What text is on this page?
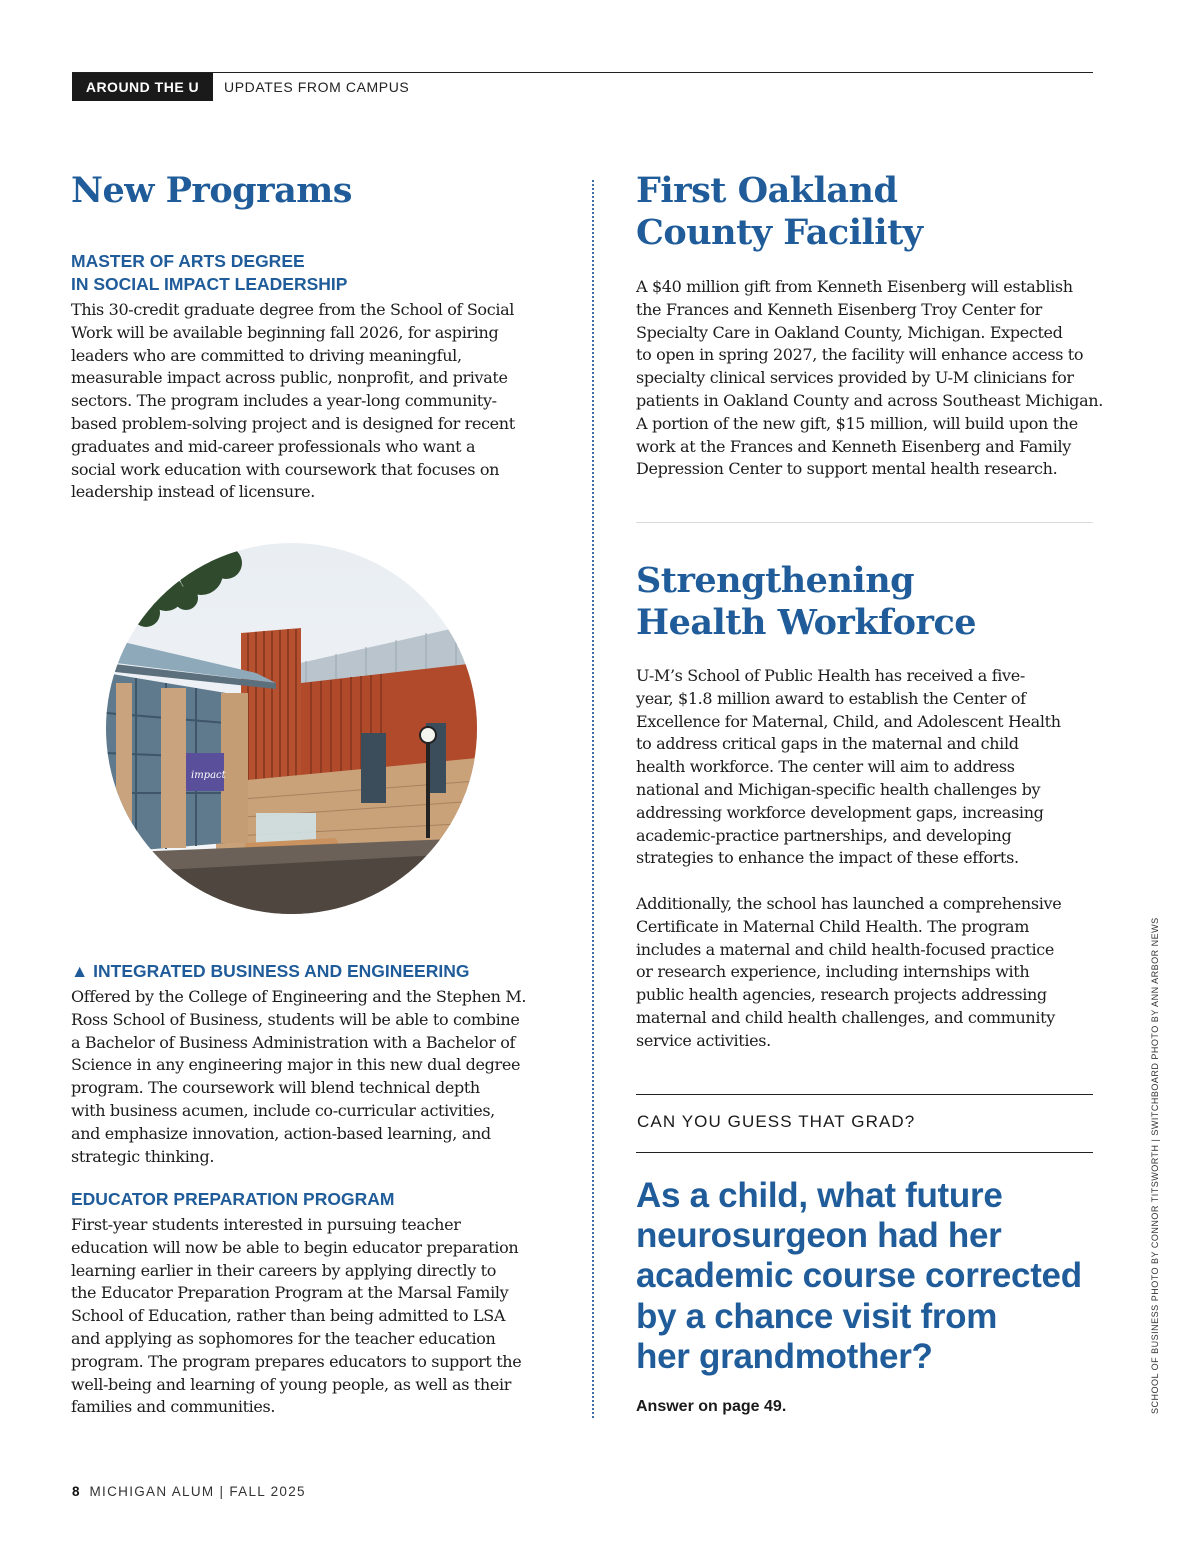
AROUND THE U	UPDATES FROM CAMPUS
New Programs
MASTER OF ARTS DEGREE
IN SOCIAL IMPACT LEADERSHIP

This 30-credit graduate degree from the School of Social
Work will be available beginning fall 2026, for aspiring
leaders who are committed to driving meaningful,
measurable impact across public, nonprofit, and private
sectors. The program includes a year-long community-
based problem-solving project and is designed for recent
graduates and mid-career professionals who want a
social work education with coursework that focuses on
leadership instead of licensure.

impact
▲ INTEGRATED BUSINESS AND ENGINEERING

Offered by the College of Engineering and the Stephen M.
Ross School of Business, students will be able to combine
a Bachelor of Business Administration with a Bachelor of
Science in any engineering major in this new dual degree
program. The coursework will blend technical depth
with business acumen, include co-curricular activities,
and emphasize innovation, action-based learning, and
strategic thinking.

EDUCATOR PREPARATION PROGRAM

First-year students interested in pursuing teacher
education will now be able to begin educator preparation
learning earlier in their careers by applying directly to
the Educator Preparation Program at the Marsal Family
School of Education, rather than being admitted to LSA
and applying as sophomores for the teacher education
program. The program prepares educators to support the
well-being and learning of young people, as well as their
families and communities.

First Oakland
County Facility

A $40 million gift from Kenneth Eisenberg will establish
the Frances and Kenneth Eisenberg Troy Center for
Specialty Care in Oakland County, Michigan. Expected
to open in spring 2027, the facility will enhance access to
specialty clinical services provided by U-M clinicians for
patients in Oakland County and across Southeast Michigan.
A portion of the new gift, $15 million, will build upon the
work at the Frances and Kenneth Eisenberg and Family
Depression Center to support mental health research.

Strengthening
Health Workforce

U-M’s School of Public Health has received a five-
year, $1.8 million award to establish the Center of
Excellence for Maternal, Child, and Adolescent Health
to address critical gaps in the maternal and child
health workforce. The center will aim to address
national and Michigan-specific health challenges by
addressing workforce development gaps, increasing
academic-practice partnerships, and developing
strategies to enhance the impact of these efforts.

Additionally, the school has launched a comprehensive
Certificate in Maternal Child Health. The program
includes a maternal and child health-focused practice
or research experience, including internships with
public health agencies, research projects addressing
maternal and child health challenges, and community
service activities.

CAN YOU GUESS THAT GRAD?
As a child, what future
neurosurgeon had her
academic course corrected
by a chance visit from
her grandmother?
Answer on page 49.	SCHOOL OF BUSINESS PHOTO BY CONNOR TITSWORTH | SWITCHBOARD PHOTO BY ANN ARBOR NEWS
8 MICHIGAN ALUM | FALL 2025
